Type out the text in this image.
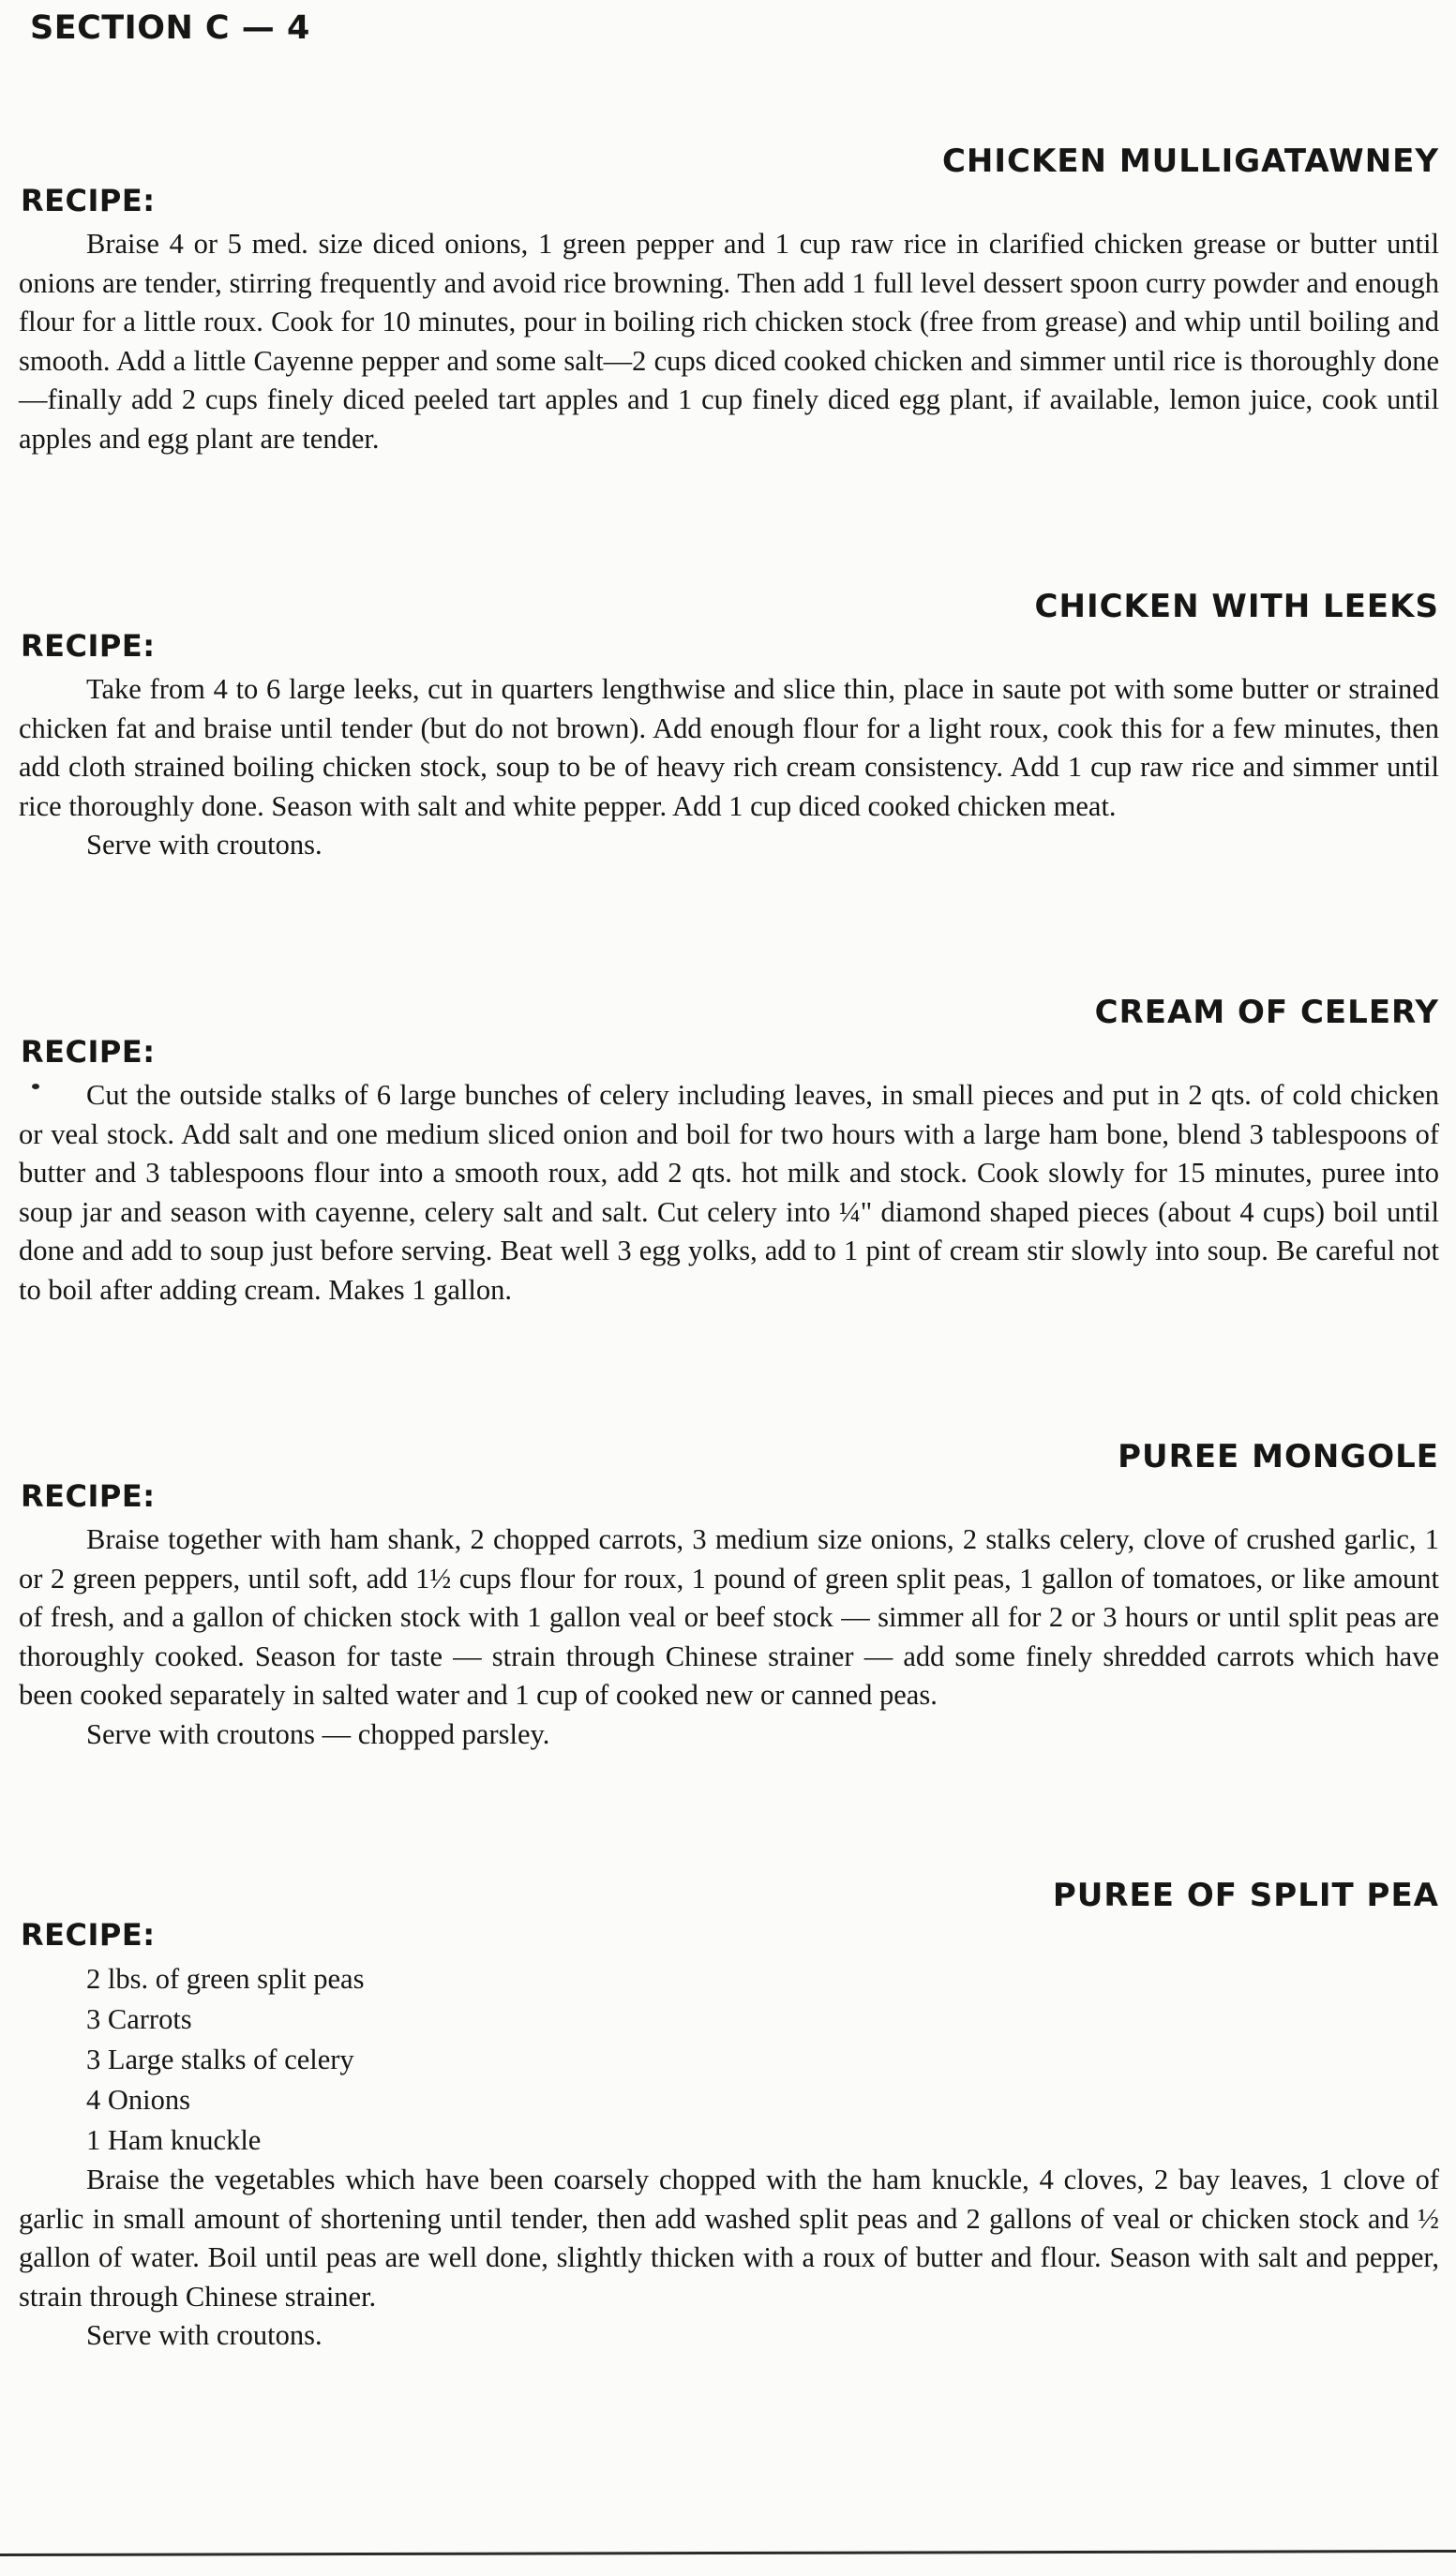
SECTION C — 4
CHICKEN MULLIGATAWNEY
RECIPE:

Braise 4 or 5 med. size diced onions, 1 green pepper and 1 cup raw rice in clarified chicken grease or butter until onions are tender, stirring frequently and avoid rice browning. Then add 1 full level dessert spoon curry powder and enough flour for a little roux. Cook for 10 minutes, pour in boiling rich chicken stock (free from grease) and whip until boiling and smooth. Add a little Cayenne pepper and some salt—2 cups diced cooked chicken and simmer until rice is thoroughly done—finally add 2 cups finely diced peeled tart apples and 1 cup finely diced egg plant, if available, lemon juice, cook until apples and egg plant are tender.

CHICKEN WITH LEEKS
RECIPE:

Take from 4 to 6 large leeks, cut in quarters lengthwise and slice thin, place in saute pot with some butter or strained chicken fat and braise until tender (but do not brown). Add enough flour for a light roux, cook this for a few minutes, then add cloth strained boiling chicken stock, soup to be of heavy rich cream consistency. Add 1 cup raw rice and simmer until rice thoroughly done. Season with salt and white pepper. Add 1 cup diced cooked chicken meat.

Serve with croutons.

CREAM OF CELERY
RECIPE:

Cut the outside stalks of 6 large bunches of celery including leaves, in small pieces and put in 2 qts. of cold chicken or veal stock. Add salt and one medium sliced onion and boil for two hours with a large ham bone, blend 3 tablespoons of butter and 3 tablespoons flour into a smooth roux, add 2 qts. hot milk and stock. Cook slowly for 15 minutes, puree into soup jar and season with cayenne, celery salt and salt. Cut celery into ¼" diamond shaped pieces (about 4 cups) boil until done and add to soup just before serving. Beat well 3 egg yolks, add to 1 pint of cream stir slowly into soup. Be careful not to boil after adding cream. Makes 1 gallon.

PUREE MONGOLE
RECIPE:

Braise together with ham shank, 2 chopped carrots, 3 medium size onions, 2 stalks celery, clove of crushed garlic, 1 or 2 green peppers, until soft, add 1½ cups flour for roux, 1 pound of green split peas, 1 gallon of tomatoes, or like amount of fresh, and a gallon of chicken stock with 1 gallon veal or beef stock — simmer all for 2 or 3 hours or until split peas are thoroughly cooked. Season for taste — strain through Chinese strainer — add some finely shredded carrots which have been cooked separately in salted water and 1 cup of cooked new or canned peas.

Serve with croutons — chopped parsley.

PUREE OF SPLIT PEA
RECIPE:
2 lbs. of green split peas
3 Carrots
3 Large stalks of celery
4 Onions
1 Ham knuckle

Braise the vegetables which have been coarsely chopped with the ham knuckle, 4 cloves, 2 bay leaves, 1 clove of garlic in small amount of shortening until tender, then add washed split peas and 2 gallons of veal or chicken stock and ½ gallon of water. Boil until peas are well done, slightly thicken with a roux of butter and flour. Season with salt and pepper, strain through Chinese strainer.

Serve with croutons.
